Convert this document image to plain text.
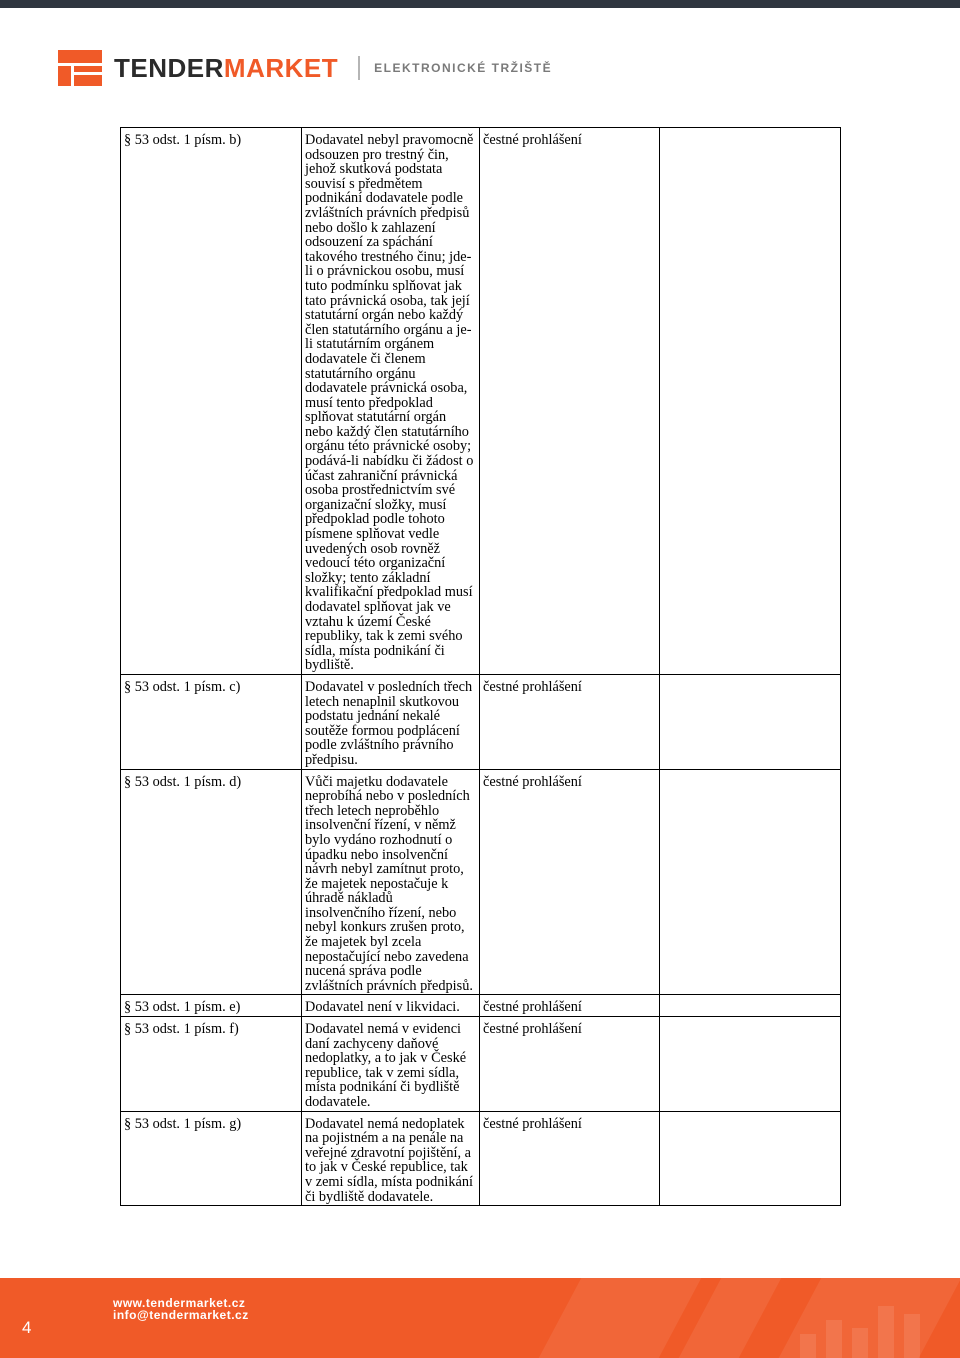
TENDERMARKET	ELEKTRONICKÉ TRŽIŠTĚ
§ 53 odst. 1 písm. b)	Dodavatel nebyl pravomocně odsouzen pro trestný čin, jehož skutková podstata souvisí s předmětem podnikání dodavatele podle zvláštních právních předpisů nebo došlo k zahlazení odsouzení za spáchání takového trestného činu; jde-li o právnickou osobu, musí tuto podmínku splňovat jak tato právnická osoba, tak její statutární orgán nebo každý člen statutárního orgánu a je-li statutárním orgánem dodavatele či členem statutárního orgánu dodavatele právnická osoba, musí tento předpoklad splňovat statutární orgán nebo každý člen statutárního orgánu této právnické osoby; podává-li nabídku či žádost o účast zahraniční právnická osoba prostřednictvím své organizační složky, musí předpoklad podle tohoto písmene splňovat vedle uvedených osob rovněž vedoucí této organizační složky; tento základní kvalifikační předpoklad musí dodavatel splňovat jak ve vztahu k území České republiky, tak k zemi svého sídla, místa podnikání či bydliště.	čestné prohlášení	
§ 53 odst. 1 písm. c)	Dodavatel v posledních třech letech nenaplnil skutkovou podstatu jednání nekalé soutěže formou podplácení podle zvláštního právního předpisu.	čestné prohlášení	
§ 53 odst. 1 písm. d)	Vůči majetku dodavatele neprobíhá nebo v posledních třech letech neproběhlo insolvenční řízení, v němž bylo vydáno rozhodnutí o úpadku nebo insolvenční návrh nebyl zamítnut proto, že majetek nepostačuje k úhradě nákladů insolvenčního řízení, nebo nebyl konkurs zrušen proto, že majetek byl zcela nepostačující nebo zavedena nucená správa podle zvláštních právních předpisů.	čestné prohlášení	
§ 53 odst. 1 písm. e)	Dodavatel není v likvidaci.	čestné prohlášení	
§ 53 odst. 1 písm. f)	Dodavatel nemá v evidenci daní zachyceny daňové nedoplatky, a to jak v České republice, tak v zemi sídla, místa podnikání či bydliště dodavatele.	čestné prohlášení	
§ 53 odst. 1 písm. g)	Dodavatel nemá nedoplatek na pojistném a na penále na veřejné zdravotní pojištění, a to jak v České republice, tak v zemi sídla, místa podnikání či bydliště dodavatele.	čestné prohlášení	
4
www.tendermarket.cz
info@tendermarket.cz
